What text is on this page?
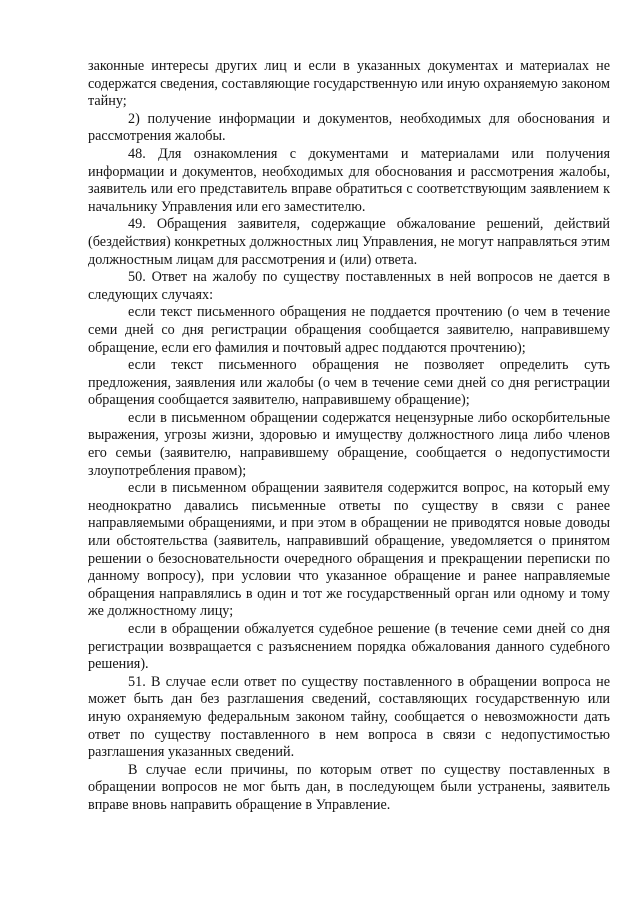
законные интересы других лиц и если в указанных документах и материалах не содержатся сведения, составляющие государственную или иную охраняемую законом тайну;

2) получение информации и документов, необходимых для обоснования и рассмотрения жалобы.

48. Для ознакомления с документами и материалами или получения информации и документов, необходимых для обоснования и рассмотрения жалобы, заявитель или его представитель вправе обратиться с соответствующим заявлением к начальнику Управления или его заместителю.

49. Обращения заявителя, содержащие обжалование решений, действий (бездействия) конкретных должностных лиц Управления, не могут направляться этим должностным лицам для рассмотрения и (или) ответа.

50. Ответ на жалобу по существу поставленных в ней вопросов не дается в следующих случаях:

если текст письменного обращения не поддается прочтению (о чем в течение семи дней со дня регистрации обращения сообщается заявителю, направившему обращение, если его фамилия и почтовый адрес поддаются прочтению);

если текст письменного обращения не позволяет определить суть предложения, заявления или жалобы (о чем в течение семи дней со дня регистрации обращения сообщается заявителю, направившему обращение);

если в письменном обращении содержатся нецензурные либо оскорбительные выражения, угрозы жизни, здоровью и имуществу должностного лица либо членов его семьи (заявителю, направившему обращение, сообщается о недопустимости злоупотребления правом);

если в письменном обращении заявителя содержится вопрос, на который ему неоднократно давались письменные ответы по существу в связи с ранее направляемыми обращениями, и при этом в обращении не приводятся новые доводы или обстоятельства (заявитель, направивший обращение, уведомляется о принятом решении о безосновательности очередного обращения и прекращении переписки по данному вопросу), при условии что указанное обращение и ранее направляемые обращения направлялись в один и тот же государственный орган или одному и тому же должностному лицу;

если в обращении обжалуется судебное решение (в течение семи дней со дня регистрации возвращается с разъяснением порядка обжалования данного судебного решения).

51. В случае если ответ по существу поставленного в обращении вопроса не может быть дан без разглашения сведений, составляющих государственную или иную охраняемую федеральным законом тайну, сообщается о невозможности дать ответ по существу поставленного в нем вопроса в связи с недопустимостью разглашения указанных сведений.

В случае если причины, по которым ответ по существу поставленных в обращении вопросов не мог быть дан, в последующем были устранены, заявитель вправе вновь направить обращение в Управление.
